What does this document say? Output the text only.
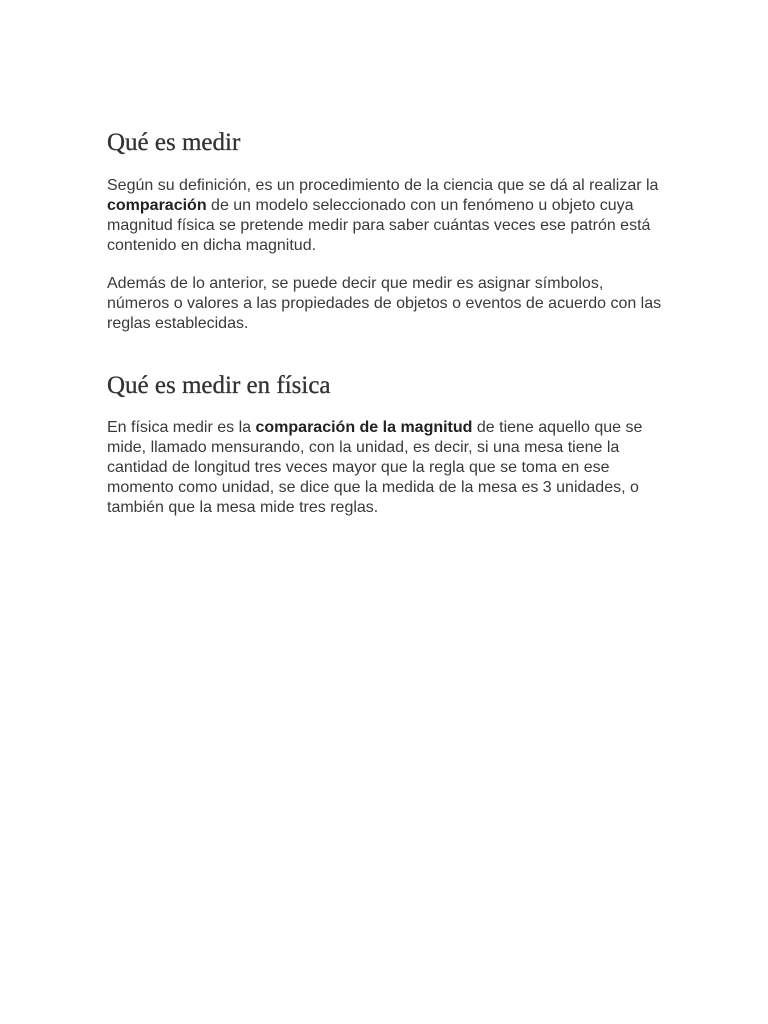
Qué es medir

Según su definición, es un procedimiento de la ciencia que se dá al realizar la comparación de un modelo seleccionado con un fenómeno u objeto cuya magnitud física se pretende medir para saber cuántas veces ese patrón está contenido en dicha magnitud.

Además de lo anterior, se puede decir que medir es asignar símbolos, números o valores a las propiedades de objetos o eventos de acuerdo con las reglas establecidas.

Qué es medir en física

En física medir es la comparación de la magnitud de tiene aquello que se mide, llamado mensurando, con la unidad, es decir, si una mesa tiene la cantidad de longitud tres veces mayor que la regla que se toma en ese momento como unidad, se dice que la medida de la mesa es 3 unidades, o también que la mesa mide tres reglas.
